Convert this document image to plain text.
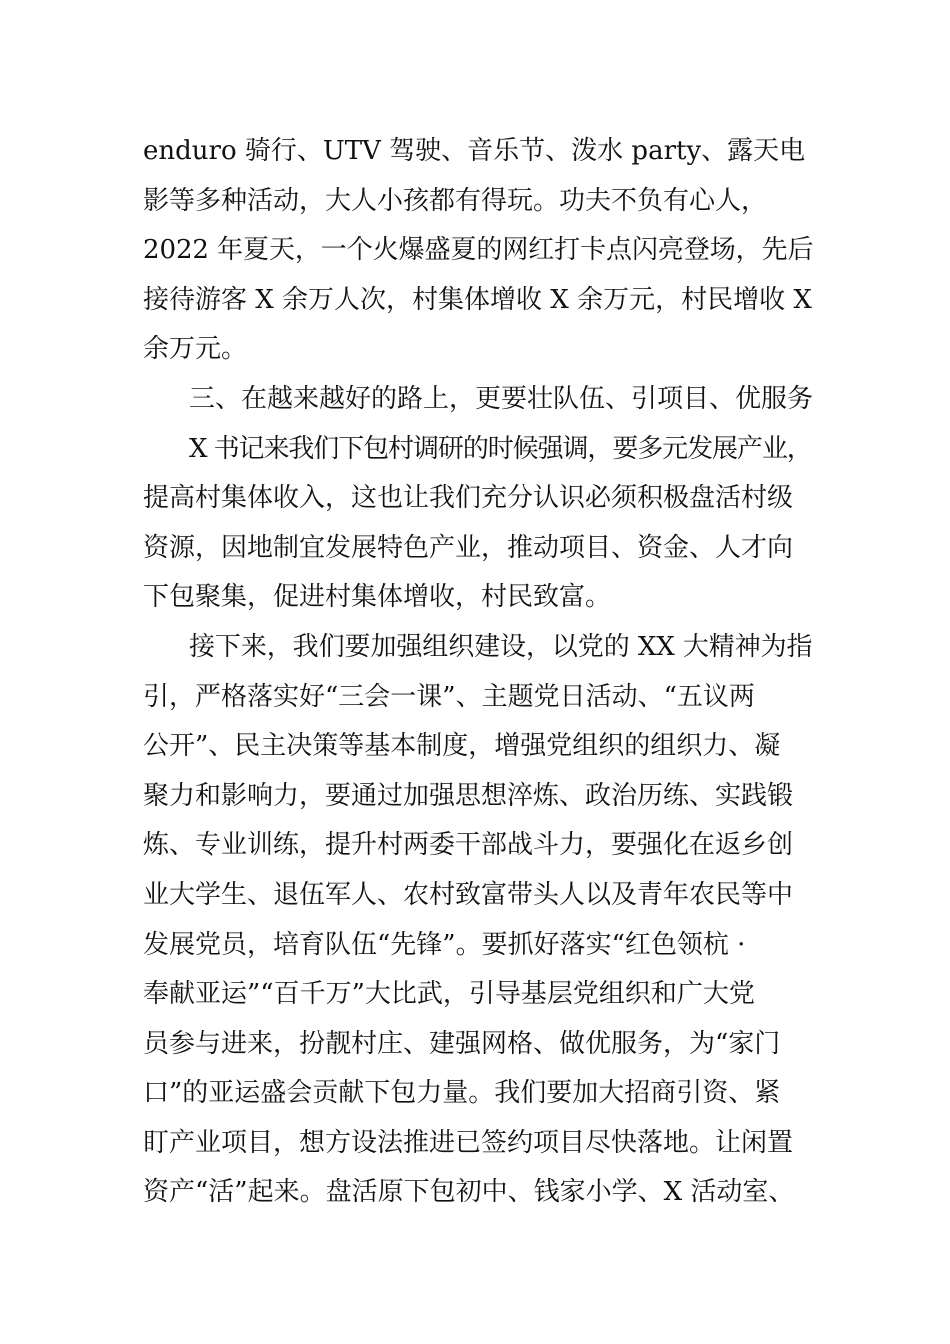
enduro 骑行、UTV 驾驶、音乐节、泼水 party、露天电
影等多种活动，大人小孩都有得玩。功夫不负有心人，
2022 年夏天，一个火爆盛夏的网红打卡点闪亮登场，先后
接待游客 X 余万人次，村集体增收 X 余万元，村民增收 X
余万元。
三、在越来越好的路上，更要壮队伍、引项目、优服务
X 书记来我们下包村调研的时候强调，要多元发展产业，
提高村集体收入，这也让我们充分认识必须积极盘活村级
资源，因地制宜发展特色产业，推动项目、资金、人才向
下包聚集，促进村集体增收，村民致富。
接下来，我们要加强组织建设，以党的 XX 大精神为指
引，严格落实好“三会一课”、主题党日活动、“五议两
公开”、民主决策等基本制度，增强党组织的组织力、凝
聚力和影响力，要通过加强思想淬炼、政治历练、实践锻
炼、专业训练，提升村两委干部战斗力，要强化在返乡创
业大学生、退伍军人、农村致富带头人以及青年农民等中
发展党员，培育队伍“先锋”。要抓好落实“红色领杭 ·
奉献亚运”“百千万”大比武，引导基层党组织和广大党
员参与进来，扮靓村庄、建强网格、做优服务，为“家门
口”的亚运盛会贡献下包力量。我们要加大招商引资、紧
盯产业项目，想方设法推进已签约项目尽快落地。让闲置
资产“活”起来。盘活原下包初中、钱家小学、X 活动室、
